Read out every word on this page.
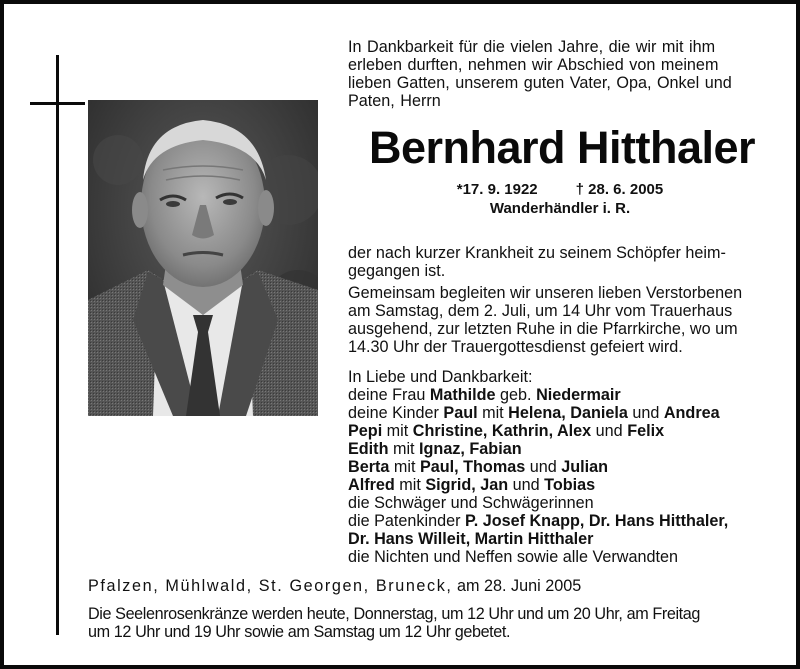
In Dankbarkeit für die vielen Jahre, die wir mit ihm
erleben durften, nehmen wir Abschied von meinem
lieben Gatten, unserem guten Vater, Opa, Onkel und
Paten, Herrn
Bernhard Hitthaler
*17. 9. 1922	† 28. 6. 2005
Wanderhändler i. R.
der nach kurzer Krankheit zu seinem Schöpfer heim-
gegangen ist.
Gemeinsam begleiten wir unseren lieben Verstorbenen
am Samstag, dem 2. Juli, um 14 Uhr vom Trauerhaus
ausgehend, zur letzten Ruhe in die Pfarrkirche, wo um
14.30 Uhr der Trauergottesdienst gefeiert wird.
In Liebe und Dankbarkeit:
deine Frau Mathilde geb. Niedermair
deine Kinder Paul mit Helena, Daniela und Andrea
Pepi mit Christine, Kathrin, Alex und Felix
Edith mit Ignaz, Fabian
Berta mit Paul, Thomas und Julian
Alfred mit Sigrid, Jan und Tobias
die Schwäger und Schwägerinnen
die Patenkinder P. Josef Knapp, Dr. Hans Hitthaler,
Dr. Hans Willeit, Martin Hitthaler
die Nichten und Neffen sowie alle Verwandten
Pfalzen, Mühlwald, St. Georgen, Bruneck, am 28. Juni 2005
Die Seelenrosenkränze werden heute, Donnerstag, um 12 Uhr und um 20 Uhr, am Freitag
um 12 Uhr und 19 Uhr sowie am Samstag um 12 Uhr gebetet.
